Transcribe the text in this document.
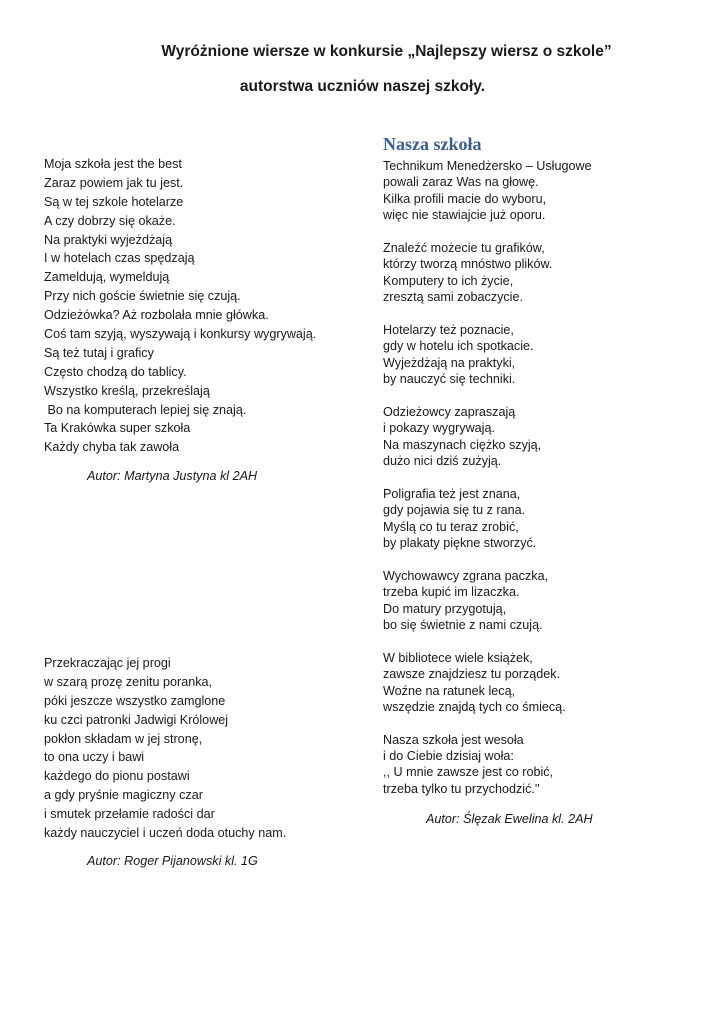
Wyróżnione wiersze w konkursie „Najlepszy wiersz o szkole”
autorstwa uczniów naszej szkoły.
Moja szkoła jest the best
Zaraz powiem jak tu jest.
Są w tej szkole hotelarze
A czy dobrzy się okaże.
Na praktyki wyjeżdżają
I w hotelach czas spędzają
Zameldują, wymeldują
Przy nich goście świetnie się czują.
Odzieżówka? Aż rozbolała mnie główka.
Coś tam szyją, wyszywają i konkursy wygrywają.
Są też tutaj i graficy
Często chodzą do tablicy.
Wszystko kreślą, przekreślają
Bo na komputerach lepiej się znają.
Ta Krakówka super szkoła
Każdy chyba tak zawoła
Autor: Martyna Justyna kl 2AH
Przekraczając jej progi
w szarą prozę zenitu poranka,
póki jeszcze wszystko zamglone
ku czci patronki Jadwigi Królowej
pokłon składam w jej stronę,
to ona uczy i bawi
każdego do pionu postawi
a gdy pryśnie magiczny czar
i smutek przełamie radości dar
każdy nauczyciel i uczeń doda otuchy nam.
Autor: Roger Pijanowski kl. 1G
Nasza szkoła
Technikum Menedżersko – Usługowe
powali zaraz Was na głowę.
Kilka profili macie do wyboru,
więc nie stawiajcie już oporu.
Znaleźć możecie tu grafików,
którzy tworzą mnóstwo plików.
Komputery to ich życie,
zresztą sami zobaczycie.
Hotelarzy też poznacie,
gdy w hotelu ich spotkacie.
Wyjeżdżają na praktyki,
by nauczyć się techniki.
Odzieżowcy zapraszają
i pokazy wygrywają.
Na maszynach ciężko szyją,
dużo nici dziś zużyją.
Poligrafia też jest znana,
gdy pojawia się tu z rana.
Myślą co tu teraz zrobić,
by plakaty piękne stworzyć.
Wychowawcy zgrana paczka,
trzeba kupić im lizaczka.
Do matury przygotują,
bo się świetnie z nami czują.
W bibliotece wiele książek,
zawsze znajdziesz tu porządek.
Woźne na ratunek lecą,
wszędzie znajdą tych co śmiecą.
Nasza szkoła jest wesoła
i do Ciebie dzisiaj woła:
,, U mnie zawsze jest co robić,
trzeba tylko tu przychodzić.''
Autor: Ślęzak Ewelina kl. 2AH
